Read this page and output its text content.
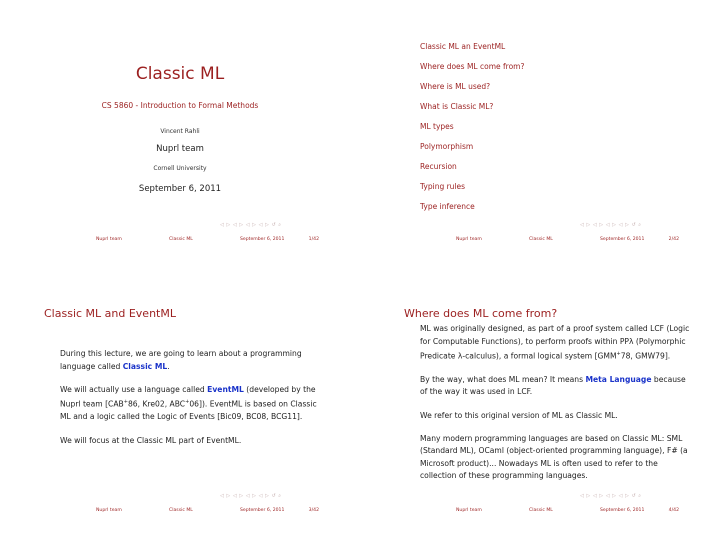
Classic ML
CS 5860 - Introduction to Formal Methods
Vincent Rahli
Nuprl team
Cornell University
September 6, 2011
◁ ▷ ◁ ▷ ◁ ▷ ◁ ▷ ↺ ⌕
Nuprl team	Classic ML	September 6, 2011	1/42
Classic ML an EventML
Where does ML come from?
Where is ML used?
What is Classic ML?
ML types
Polymorphism
Recursion
Typing rules
Type inference
◁ ▷ ◁ ▷ ◁ ▷ ◁ ▷ ↺ ⌕
Nuprl team	Classic ML	September 6, 2011	2/42
Classic ML and EventML

During this lecture, we are going to learn about a programming language called Classic ML.

We will actually use a language called EventML (developed by the Nuprl team [CAB+86, Kre02, ABC+06]). EventML is based on Classic ML and a logic called the Logic of Events [Bic09, BC08, BCG11].

We will focus at the Classic ML part of EventML.

◁ ▷ ◁ ▷ ◁ ▷ ◁ ▷ ↺ ⌕
Nuprl team	Classic ML	September 6, 2011	3/42
Where does ML come from?

ML was originally designed, as part of a proof system called LCF (Logic for Computable Functions), to perform proofs within PPλ (Polymorphic Predicate λ-calculus), a formal logical system [GMM+78, GMW79].

By the way, what does ML mean? It means Meta Language because of the way it was used in LCF.

We refer to this original version of ML as Classic ML.

Many modern programming languages are based on Classic ML: SML (Standard ML), OCaml (object-oriented programming language), F# (a Microsoft product)... Nowadays ML is often used to refer to the collection of these programming languages.

◁ ▷ ◁ ▷ ◁ ▷ ◁ ▷ ↺ ⌕
Nuprl team	Classic ML	September 6, 2011	4/42
